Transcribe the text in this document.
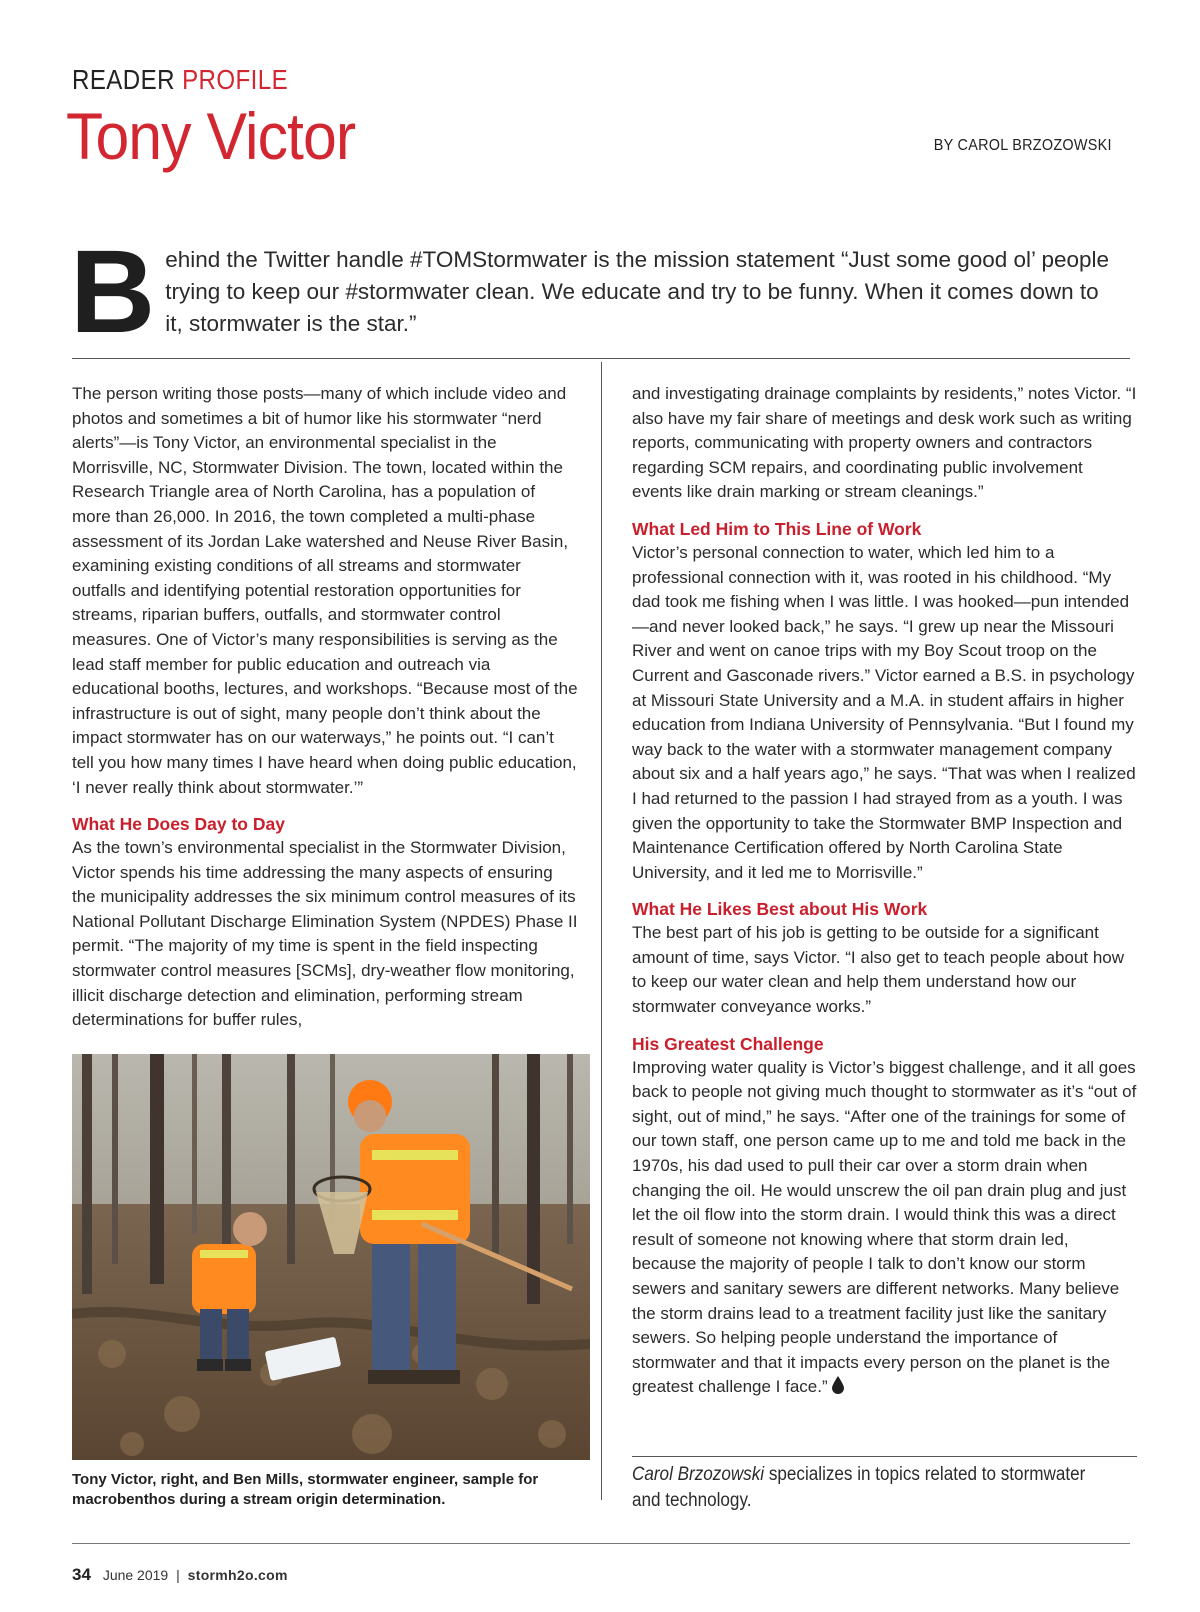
READER PROFILE
Tony Victor	BY CAROL BRZOZOWSKI
B ehind the Twitter handle #TOMStormwater is the mission statement “Just some good ol’ people trying to keep our #stormwater clean. We educate and try to be funny. When it comes down to it, stormwater is the star.”

The person writing those posts—many of which include video and photos and sometimes a bit of humor like his stormwater “nerd alerts”—is Tony Victor, an environmental specialist in the Morrisville, NC, Stormwater Division. The town, located within the Research Triangle area of North Carolina, has a population of more than 26,000. In 2016, the town completed a multi-phase assessment of its Jordan Lake watershed and Neuse River Basin, examining existing conditions of all streams and stormwater outfalls and identifying potential restoration opportunities for streams, riparian buffers, outfalls, and stormwater control measures. One of Victor’s many responsibilities is serving as the lead staff member for public education and outreach via educational booths, lectures, and workshops. “Because most of the infrastructure is out of sight, many people don’t think about the impact stormwater has on our waterways,” he points out. “I can’t tell you how many times I have heard when doing public education, ‘I never really think about stormwater.’”

What He Does Day to Day

As the town’s environmental specialist in the Stormwater Division, Victor spends his time addressing the many aspects of ensuring the municipality addresses the six minimum control measures of its National Pollutant Discharge Elimination System (NPDES) Phase II permit. “The majority of my time is spent in the field inspecting stormwater control measures [SCMs], dry-weather flow monitoring, illicit discharge detection and elimination, performing stream determinations for buffer rules,

Tony Victor, right, and Ben Mills, stormwater engineer, sample for macrobenthos during a stream origin determination.

and investigating drainage complaints by residents,” notes Victor. “I also have my fair share of meetings and desk work such as writing reports, communicating with property owners and contractors regarding SCM repairs, and coordinating public involvement events like drain marking or stream cleanings.”

What Led Him to This Line of Work

Victor’s personal connection to water, which led him to a professional connection with it, was rooted in his childhood. “My dad took me fishing when I was little. I was hooked—pun intended—and never looked back,” he says. “I grew up near the Missouri River and went on canoe trips with my Boy Scout troop on the Current and Gasconade rivers.” Victor earned a B.S. in psychology at Missouri State University and a M.A. in student affairs in higher education from Indiana University of Pennsylvania. “But I found my way back to the water with a stormwater management company about six and a half years ago,” he says. “That was when I realized I had returned to the passion I had strayed from as a youth. I was given the opportunity to take the Stormwater BMP Inspection and Maintenance Certification offered by North Carolina State University, and it led me to Morrisville.”

What He Likes Best about His Work

The best part of his job is getting to be outside for a significant amount of time, says Victor. “I also get to teach people about how to keep our water clean and help them understand how our stormwater conveyance works.”

His Greatest Challenge

Improving water quality is Victor’s biggest challenge, and it all goes back to people not giving much thought to stormwater as it’s “out of sight, out of mind,” he says. “After one of the trainings for some of our town staff, one person came up to me and told me back in the 1970s, his dad used to pull their car over a storm drain when changing the oil. He would unscrew the oil pan drain plug and just let the oil flow into the storm drain. I would think this was a direct result of someone not knowing where that storm drain led, because the majority of people I talk to don’t know our storm sewers and sanitary sewers are different networks. Many believe the storm drains lead to a treatment facility just like the sanitary sewers. So helping people understand the importance of stormwater and that it impacts every person on the planet is the greatest challenge I face.”

Carol Brzozowski specializes in topics related to stormwater and technology.
34 June 2019 | stormh2o.com
